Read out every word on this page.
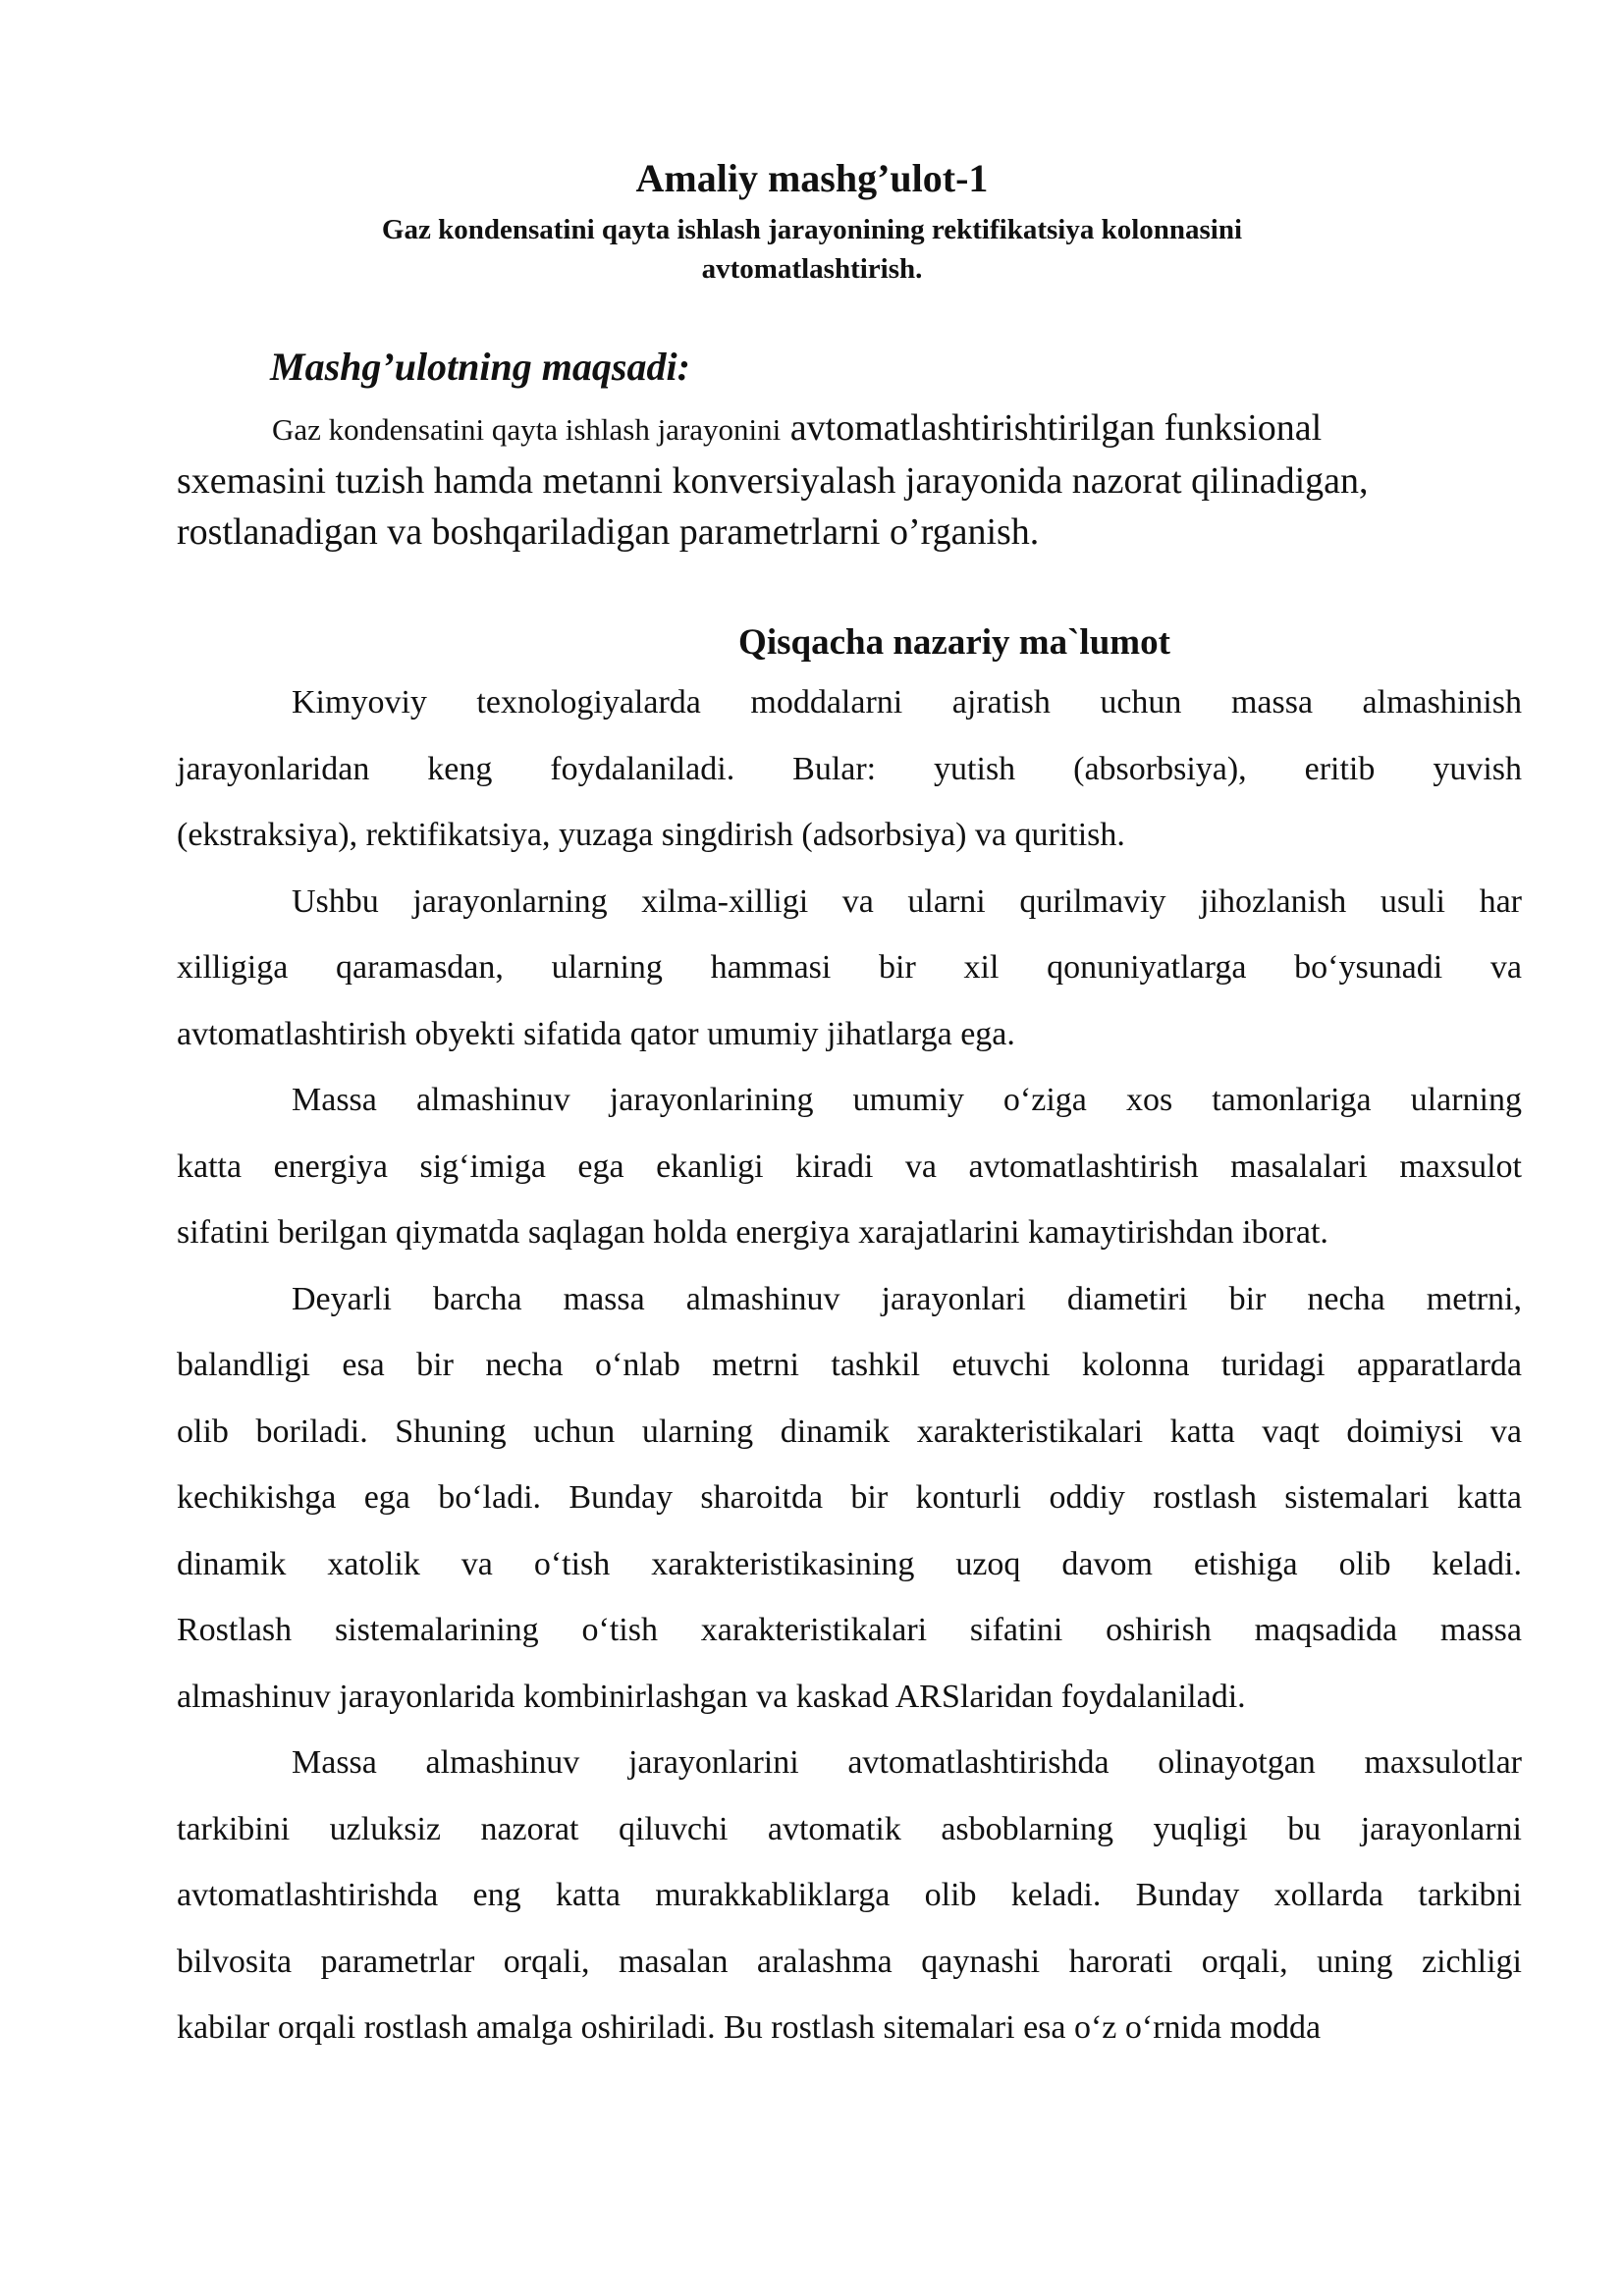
Amaliy mashg’ulot-1
Gaz kondensatini qayta ishlash jarayonining rektifikatsiya kolonnasini
avtomatlashtirish.
Mashg’ulotning maqsadi:
Gaz kondensatini qayta ishlash jarayonini avtomatlashtirishtirilgan funksional
sxemasini tuzish hamda metanni konversiyalash jarayonida nazorat qilinadigan,
rostlanadigan va boshqariladigan parametrlarni o’rganish.
Qisqacha nazariy ma`lumot
Kimyoviy texnologiyalarda moddalarni ajratish uchun massa almashinish
jarayonlaridan keng foydalaniladi. Bular: yutish (absorbsiya), eritib yuvish
(ekstraksiya), rektifikatsiya, yuzaga singdirish (adsorbsiya) va quritish.
Ushbu jarayonlarning xilma-xilligi va ularni qurilmaviy jihozlanish usuli har
xilligiga qaramasdan, ularning hammasi bir xil qonuniyatlarga bo‘ysunadi va
avtomatlashtirish obyekti sifatida qator umumiy jihatlarga ega.
Massa almashinuv jarayonlarining umumiy o‘ziga xos tamonlariga ularning
katta energiya sig‘imiga ega ekanligi kiradi va avtomatlashtirish masalalari maxsulot
sifatini berilgan qiymatda saqlagan holda energiya xarajatlarini kamaytirishdan iborat.
Deyarli barcha massa almashinuv jarayonlari diametiri bir necha metrni,
balandligi esa bir necha o‘nlab metrni tashkil etuvchi kolonna turidagi apparatlarda
olib boriladi. Shuning uchun ularning dinamik xarakteristikalari katta vaqt doimiysi va
kechikishga ega bo‘ladi. Bunday sharoitda bir konturli oddiy rostlash sistemalari katta
dinamik xatolik va o‘tish xarakteristikasining uzoq davom etishiga olib keladi.
Rostlash sistemalarining o‘tish xarakteristikalari sifatini oshirish maqsadida massa
almashinuv jarayonlarida kombinirlashgan va kaskad ARSlaridan foydalaniladi.
Massa almashinuv jarayonlarini avtomatlashtirishda olinayotgan maxsulotlar
tarkibini uzluksiz nazorat qiluvchi avtomatik asboblarning yuqligi bu jarayonlarni
avtomatlashtirishda eng katta murakkabliklarga olib keladi. Bunday xollarda tarkibni
bilvosita parametrlar orqali, masalan aralashma qaynashi harorati orqali, uning zichligi
kabilar orqali rostlash amalga oshiriladi. Bu rostlash sitemalari esa o‘z o‘rnida modda
